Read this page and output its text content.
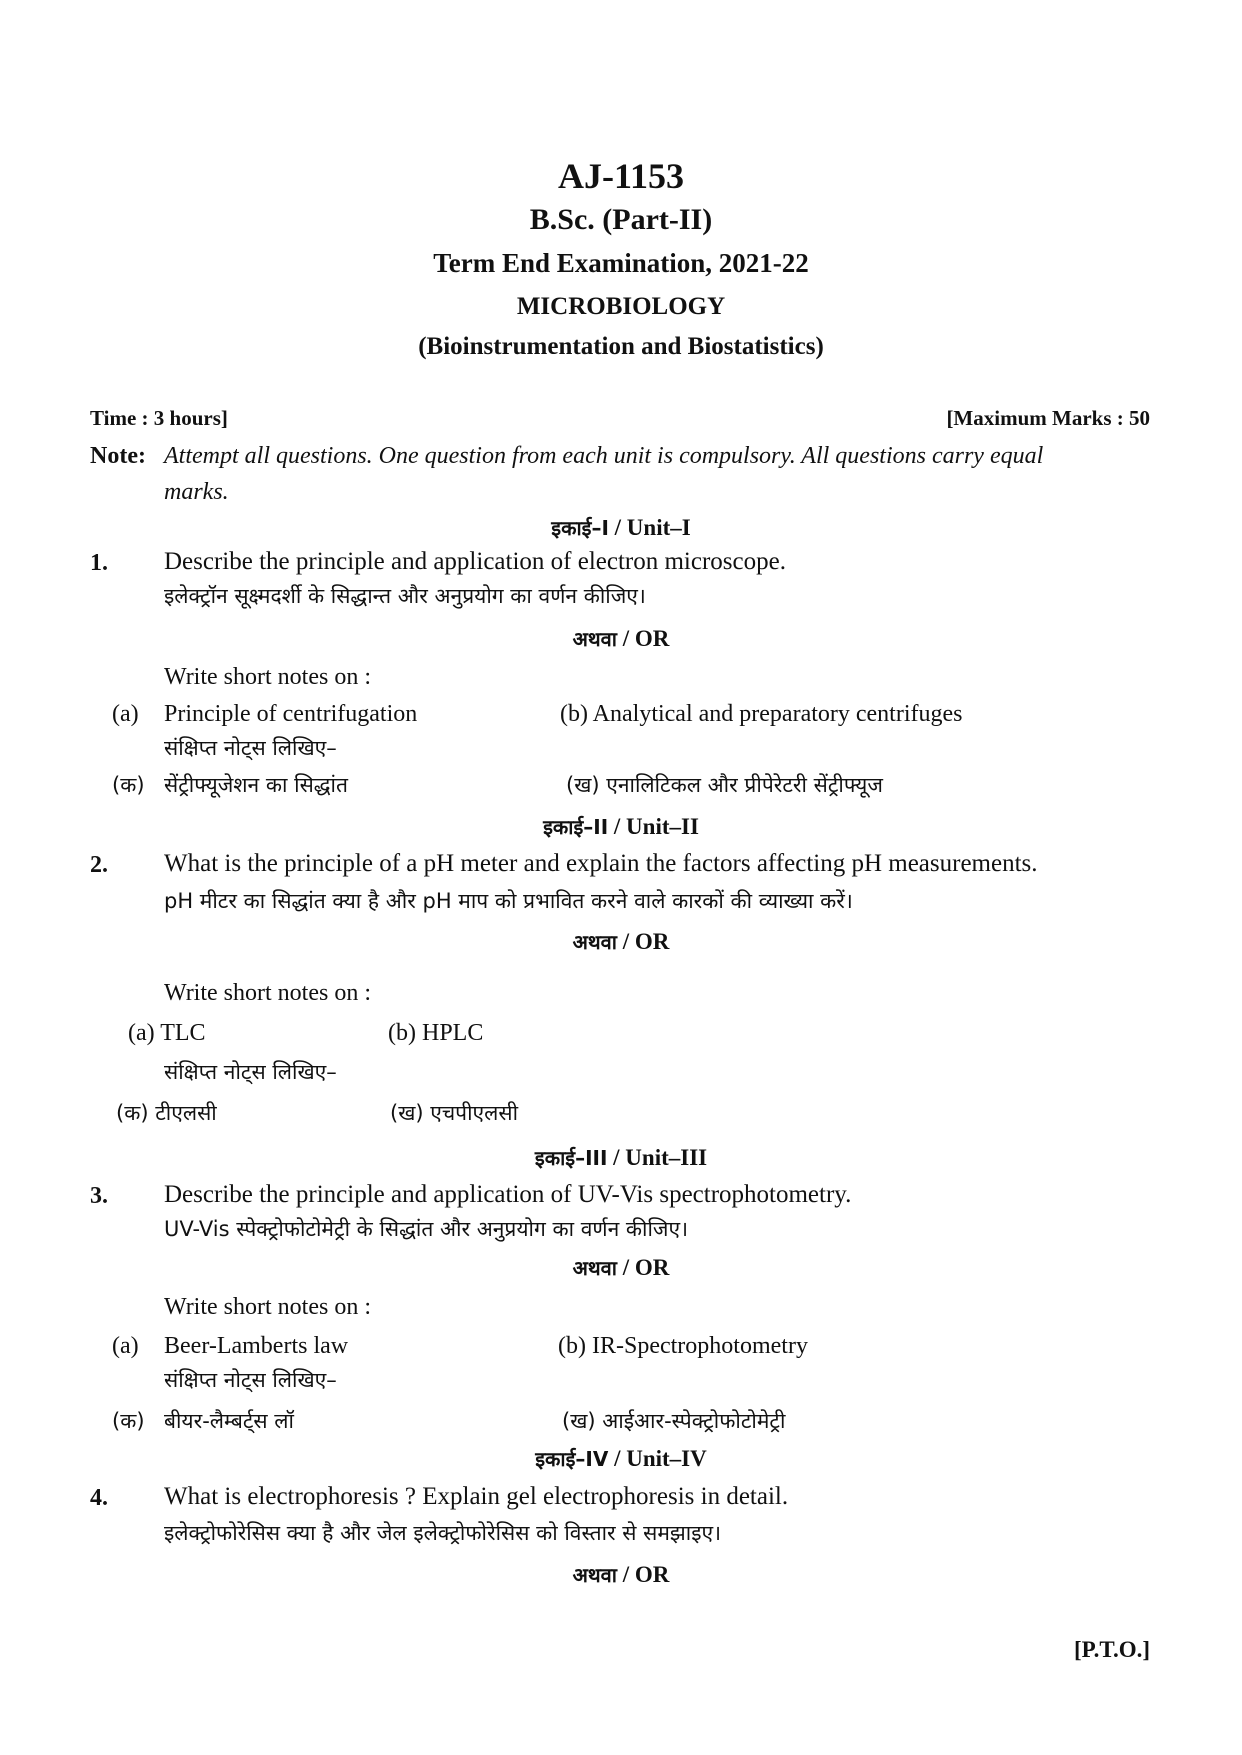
AJ-1153
B.Sc. (Part-II)
Term End Examination, 2021-22
MICROBIOLOGY
(Bioinstrumentation and Biostatistics)
Time : 3 hours]	[Maximum Marks : 50
Note: Attempt all questions. One question from each unit is compulsory. All questions carry equal
marks.
इकाई–I / Unit–I
1. Describe the principle and application of electron microscope.
इलेक्ट्रॉन सूक्ष्मदर्शी के सिद्धान्त और अनुप्रयोग का वर्णन कीजिए।
अथवा / OR
Write short notes on :
(a) Principle of centrifugation	(b) Analytical and preparatory centrifuges
संक्षिप्त नोट्स लिखिए–
(क) सेंट्रीफ्यूजेशन का सिद्धांत	(ख) एनालिटिकल और प्रीपेरेटरी सेंट्रीफ्यूज
इकाई–II / Unit–II
2. What is the principle of a pH meter and explain the factors affecting pH measurements.
pH मीटर का सिद्धांत क्या है और pH माप को प्रभावित करने वाले कारकों की व्याख्या करें।
अथवा / OR
Write short notes on :
(a) TLC	(b) HPLC
संक्षिप्त नोट्स लिखिए–
(क) टीएलसी	(ख) एचपीएलसी
इकाई–III / Unit–III
3. Describe the principle and application of UV-Vis spectrophotometry.
UV-Vis स्पेक्ट्रोफोटोमेट्री के सिद्धांत और अनुप्रयोग का वर्णन कीजिए।
अथवा / OR
Write short notes on :
(a) Beer-Lamberts law	(b) IR-Spectrophotometry
संक्षिप्त नोट्स लिखिए–
(क) बीयर-लैम्बर्ट्स लॉ	(ख) आईआर-स्पेक्ट्रोफोटोमेट्री
इकाई–IV / Unit–IV
4. What is electrophoresis ? Explain gel electrophoresis in detail.
इलेक्ट्रोफोरेसिस क्या है और जेल इलेक्ट्रोफोरेसिस को विस्तार से समझाइए।
अथवा / OR
[P.T.O.]
